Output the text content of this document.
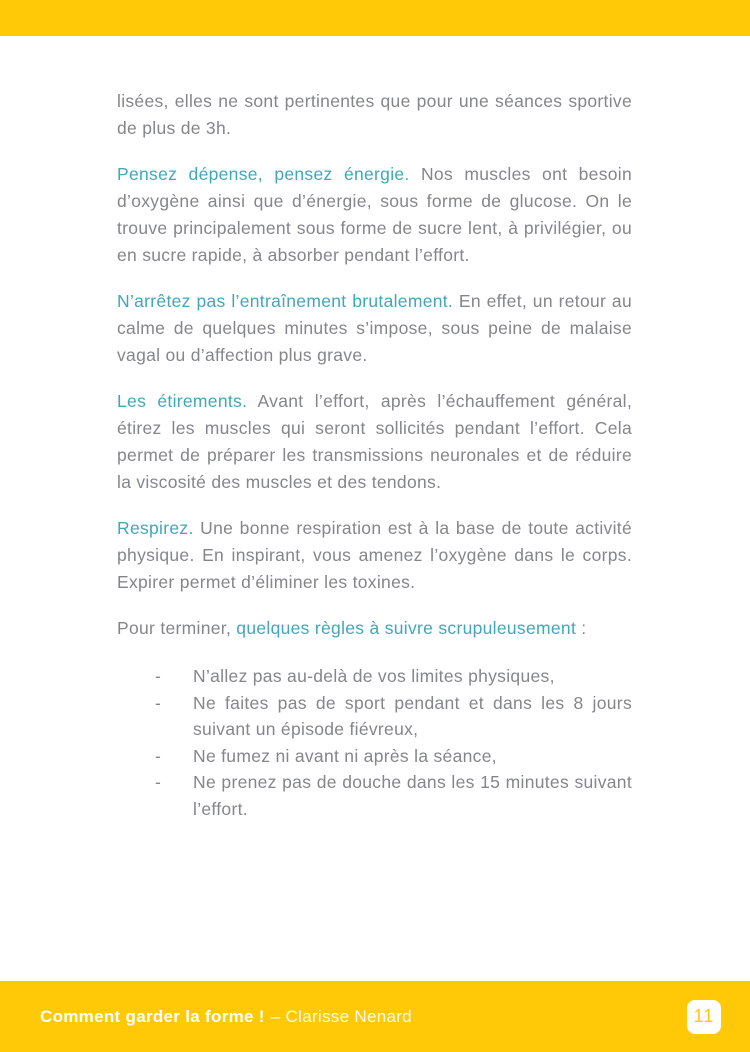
lisées, elles ne sont pertinentes que pour une séances sportive de plus de 3h.

Pensez dépense, pensez énergie. Nos muscles ont besoin d’oxygène ainsi que d’énergie, sous forme de glucose. On le trouve principalement sous forme de sucre lent, à privilégier, ou en sucre rapide, à absorber pendant l’effort.

N’arrêtez pas l’entraînement brutalement. En effet, un retour au calme de quelques minutes s’impose, sous peine de malaise vagal ou d’affection plus grave.

Les étirements. Avant l’effort, après l’échauffement général, étirez les muscles qui seront sollicités pendant l’effort. Cela permet de préparer les transmissions neuronales et de réduire la viscosité des muscles et des tendons.

Respirez. Une bonne respiration est à la base de toute activité physique. En inspirant, vous amenez l’oxygène dans le corps. Expirer permet d’éliminer les toxines.

Pour terminer, quelques règles à suivre scrupuleusement :

- N’allez pas au-delà de vos limites physiques,
- Ne faites pas de sport pendant et dans les 8 jours suivant un épisode fiévreux,
- Ne fumez ni avant ni après la séance,
- Ne prenez pas de douche dans les 15 minutes suivant l’effort.
Comment garder la forme ! – Clarisse Nenard	11
